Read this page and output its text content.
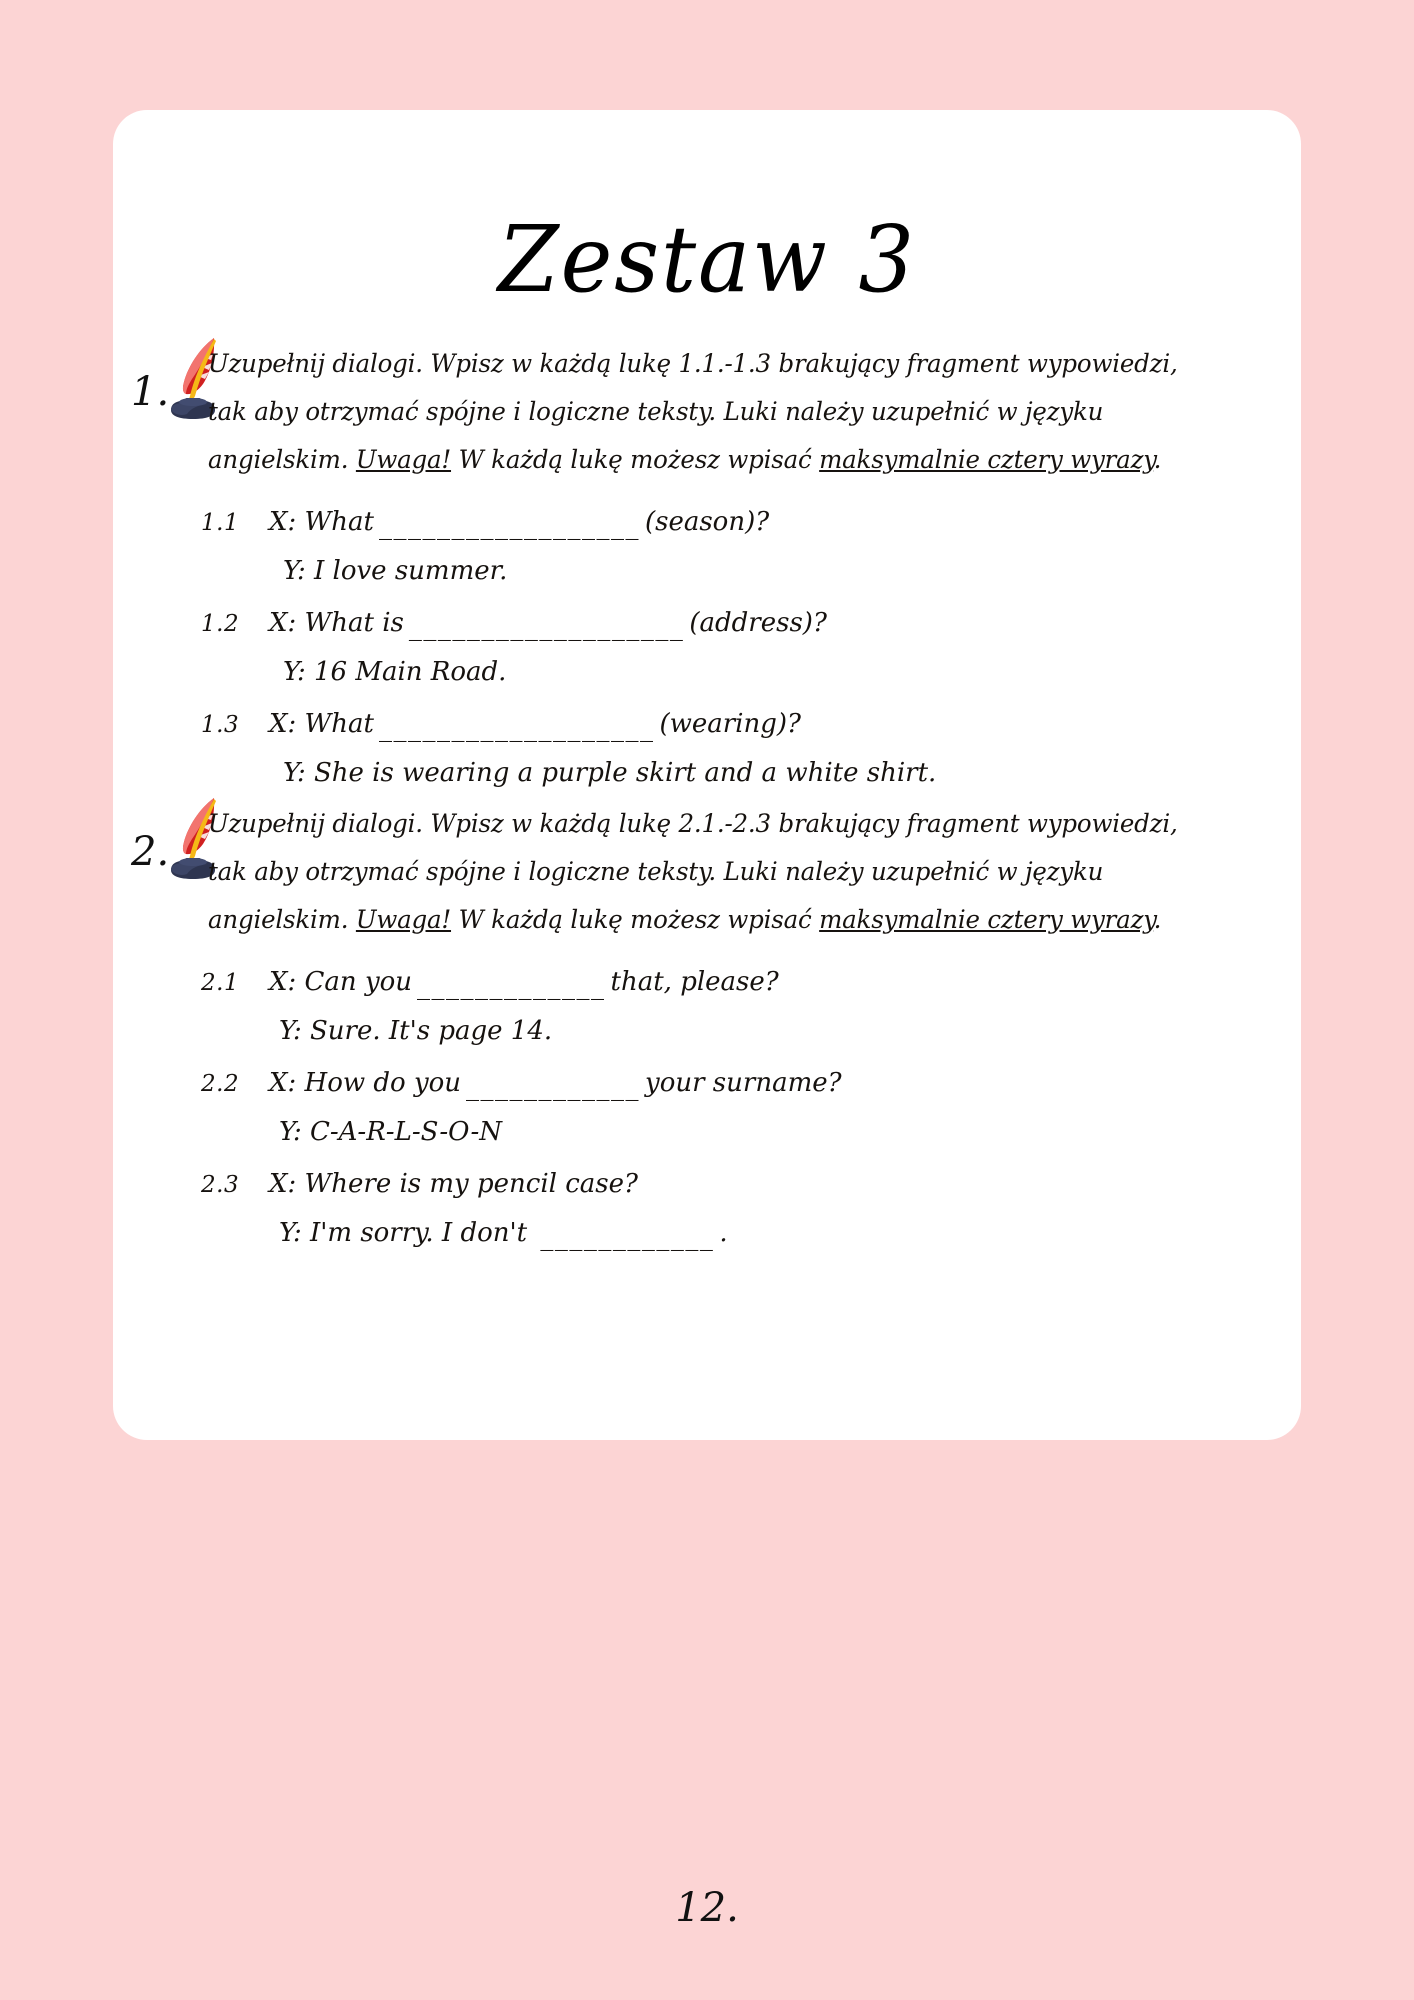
Zestaw 3
1.
Uzupełnij dialogi. Wpisz w każdą lukę 1.1.-1.3 brakujący fragment wypowiedzi, tak aby otrzymać spójne i logiczne teksty. Luki należy uzupełnić w języku angielskim. Uwaga! W każdą lukę możesz wpisać maksymalnie cztery wyrazy.
1.1	X: What __________________ (season)?
Y: I love summer.
1.2	X: What is ___________________ (address)?
Y: 16 Main Road.
1.3	X: What ___________________ (wearing)?
Y: She is wearing a purple skirt and a white shirt.
2.
Uzupełnij dialogi. Wpisz w każdą lukę 2.1.-2.3 brakujący fragment wypowiedzi, tak aby otrzymać spójne i logiczne teksty. Luki należy uzupełnić w języku angielskim. Uwaga! W każdą lukę możesz wpisać maksymalnie cztery wyrazy.
2.1	X: Can you _____________ that, please?
Y: Sure. It's page 14.
2.2	X: How do you ____________ your surname?
Y: C-A-R-L-S-O-N
2.3	X: Where is my pencil case?
Y: I'm sorry. I don't ____________ .
12.
